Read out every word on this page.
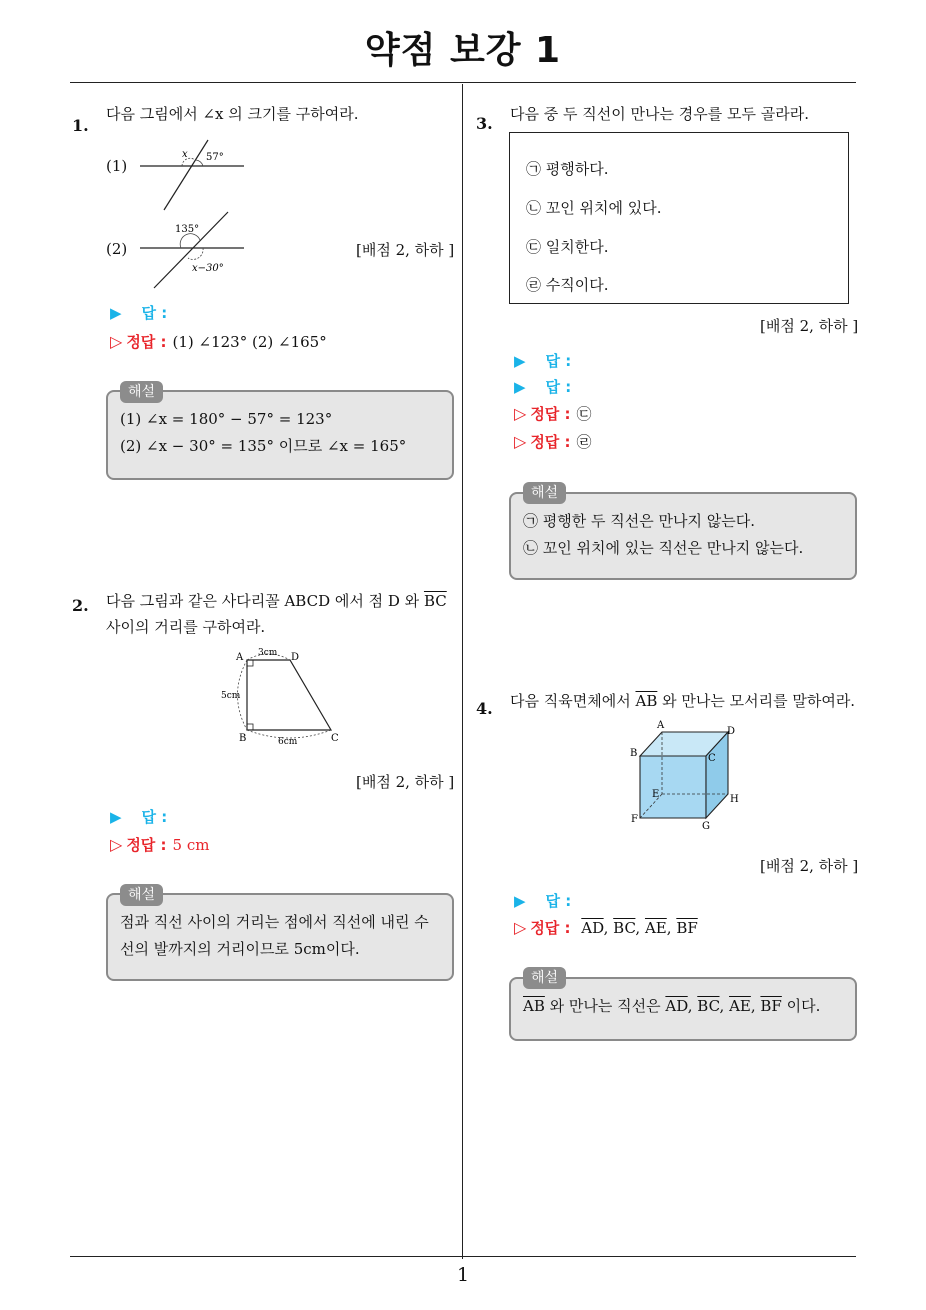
약점 보강 1
1
1.
다음 그림에서 ∠x 의 크기를 구하여라.
(1)
x 57°
(2)
135°
x−30°
[배점 2, 하하 ]
▶ 답 :
▷ 정답 : (1) ∠123° (2) ∠165°
(1) ∠x = 180° − 57° = 123°
(2) ∠x − 30° = 135° 이므로 ∠x = 165°
해설
2. 다음 그림과 같은 사다리꼴 ABCD 에서 점 D 와 $\overline{BC}$
사이의 거리를 구하여라.
A	D
B	C
3cm
5cm
6cm
[배점 2, 하하 ]
▶ 답 :
▷ 정답 : 5 cm
점과 직선 사이의 거리는 점에서 직선에 내린 수
선의 발까지의 거리이므로 5cm이다.
해설
3. 다음 중 두 직선이 만나는 경우를 모두 골라라.
㉠ 평행하다.
㉡ 꼬인 위치에 있다.
㉢ 일치한다.
㉣ 수직이다.
[배점 2, 하하 ]
▶ 답 :
▶ 답 :
▷ 정답 : ㉢
▷ 정답 : ㉣
㉠ 평행한 두 직선은 만나지 않는다.
㉡ 꼬인 위치에 있는 직선은 만나지 않는다.
해설
4. 다음 직육면체에서 $\overline{AB}$ 와 만나는 모서리를 말하여라.
A
D
B	C
E	H
F
G
[배점 2, 하하 ]
▶ 답 :
▷ 정답 : $\overline{AD}$, $\overline{BC}$, $\overline{AE}$, $\overline{BF}$
$\overline{AB}$ 와 만나는 직선은 $\overline{AD}$, $\overline{BC}$, $\overline{AE}$, $\overline{BF}$ 이다.
해설
